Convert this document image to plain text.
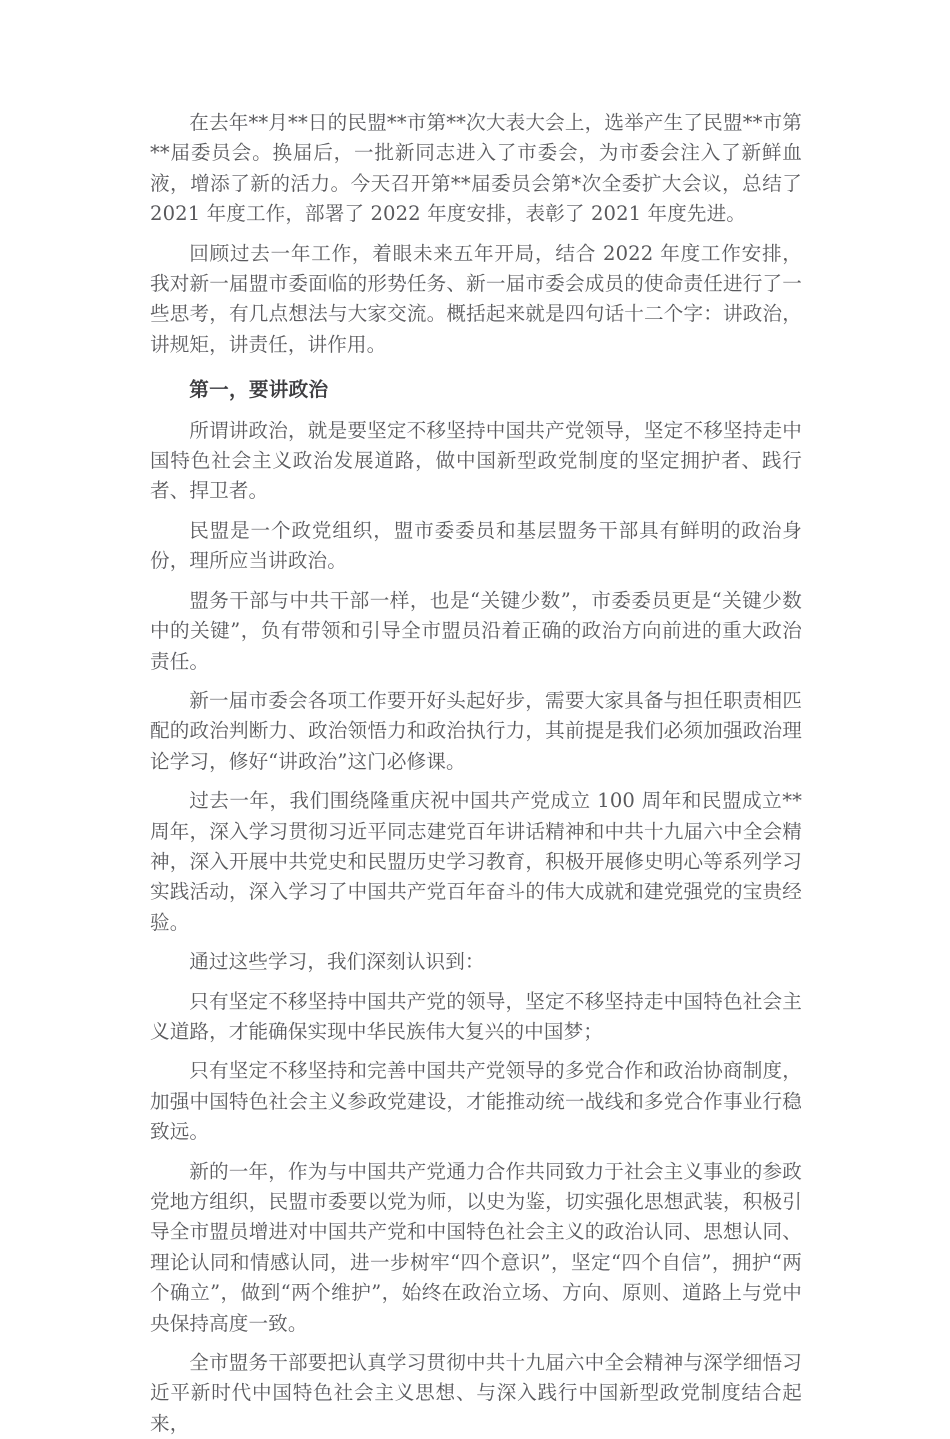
在去年**月**日的民盟**市第**次大表大会上，选举产生了民盟**市第**届委员会。换届后，一批新同志进入了市委会，为市委会注入了新鲜血液，增添了新的活力。今天召开第**届委员会第*次全委扩大会议，总结了 2021 年度工作，部署了 2022 年度安排，表彰了 2021 年度先进。

回顾过去一年工作，着眼未来五年开局，结合 2022 年度工作安排，我对新一届盟市委面临的形势任务、新一届市委会成员的使命责任进行了一些思考，有几点想法与大家交流。概括起来就是四句话十二个字：讲政治，讲规矩，讲责任，讲作用。

第一，要讲政治

所谓讲政治，就是要坚定不移坚持中国共产党领导，坚定不移坚持走中国特色社会主义政治发展道路，做中国新型政党制度的坚定拥护者、践行者、捍卫者。

民盟是一个政党组织，盟市委委员和基层盟务干部具有鲜明的政治身份，理所应当讲政治。

盟务干部与中共干部一样，也是“关键少数”，市委委员更是“关键少数中的关键”，负有带领和引导全市盟员沿着正确的政治方向前进的重大政治责任。

新一届市委会各项工作要开好头起好步，需要大家具备与担任职责相匹配的政治判断力、政治领悟力和政治执行力，其前提是我们必须加强政治理论学习，修好“讲政治”这门必修课。

过去一年，我们围绕隆重庆祝中国共产党成立 100 周年和民盟成立**周年，深入学习贯彻习近平同志建党百年讲话精神和中共十九届六中全会精神，深入开展中共党史和民盟历史学习教育，积极开展修史明心等系列学习实践活动，深入学习了中国共产党百年奋斗的伟大成就和建党强党的宝贵经验。

通过这些学习，我们深刻认识到：

只有坚定不移坚持中国共产党的领导，坚定不移坚持走中国特色社会主义道路，才能确保实现中华民族伟大复兴的中国梦；

只有坚定不移坚持和完善中国共产党领导的多党合作和政治协商制度，加强中国特色社会主义参政党建设，才能推动统一战线和多党合作事业行稳致远。

新的一年，作为与中国共产党通力合作共同致力于社会主义事业的参政党地方组织，民盟市委要以党为师，以史为鉴，切实强化思想武装，积极引导全市盟员增进对中国共产党和中国特色社会主义的政治认同、思想认同、理论认同和情感认同，进一步树牢“四个意识”，坚定“四个自信”，拥护“两个确立”，做到“两个维护”，始终在政治立场、方向、原则、道路上与党中央保持高度一致。

全市盟务干部要把认真学习贯彻中共十九届六中全会精神与深学细悟习近平新时代中国特色社会主义思想、与深入践行中国新型政党制度结合起来，
